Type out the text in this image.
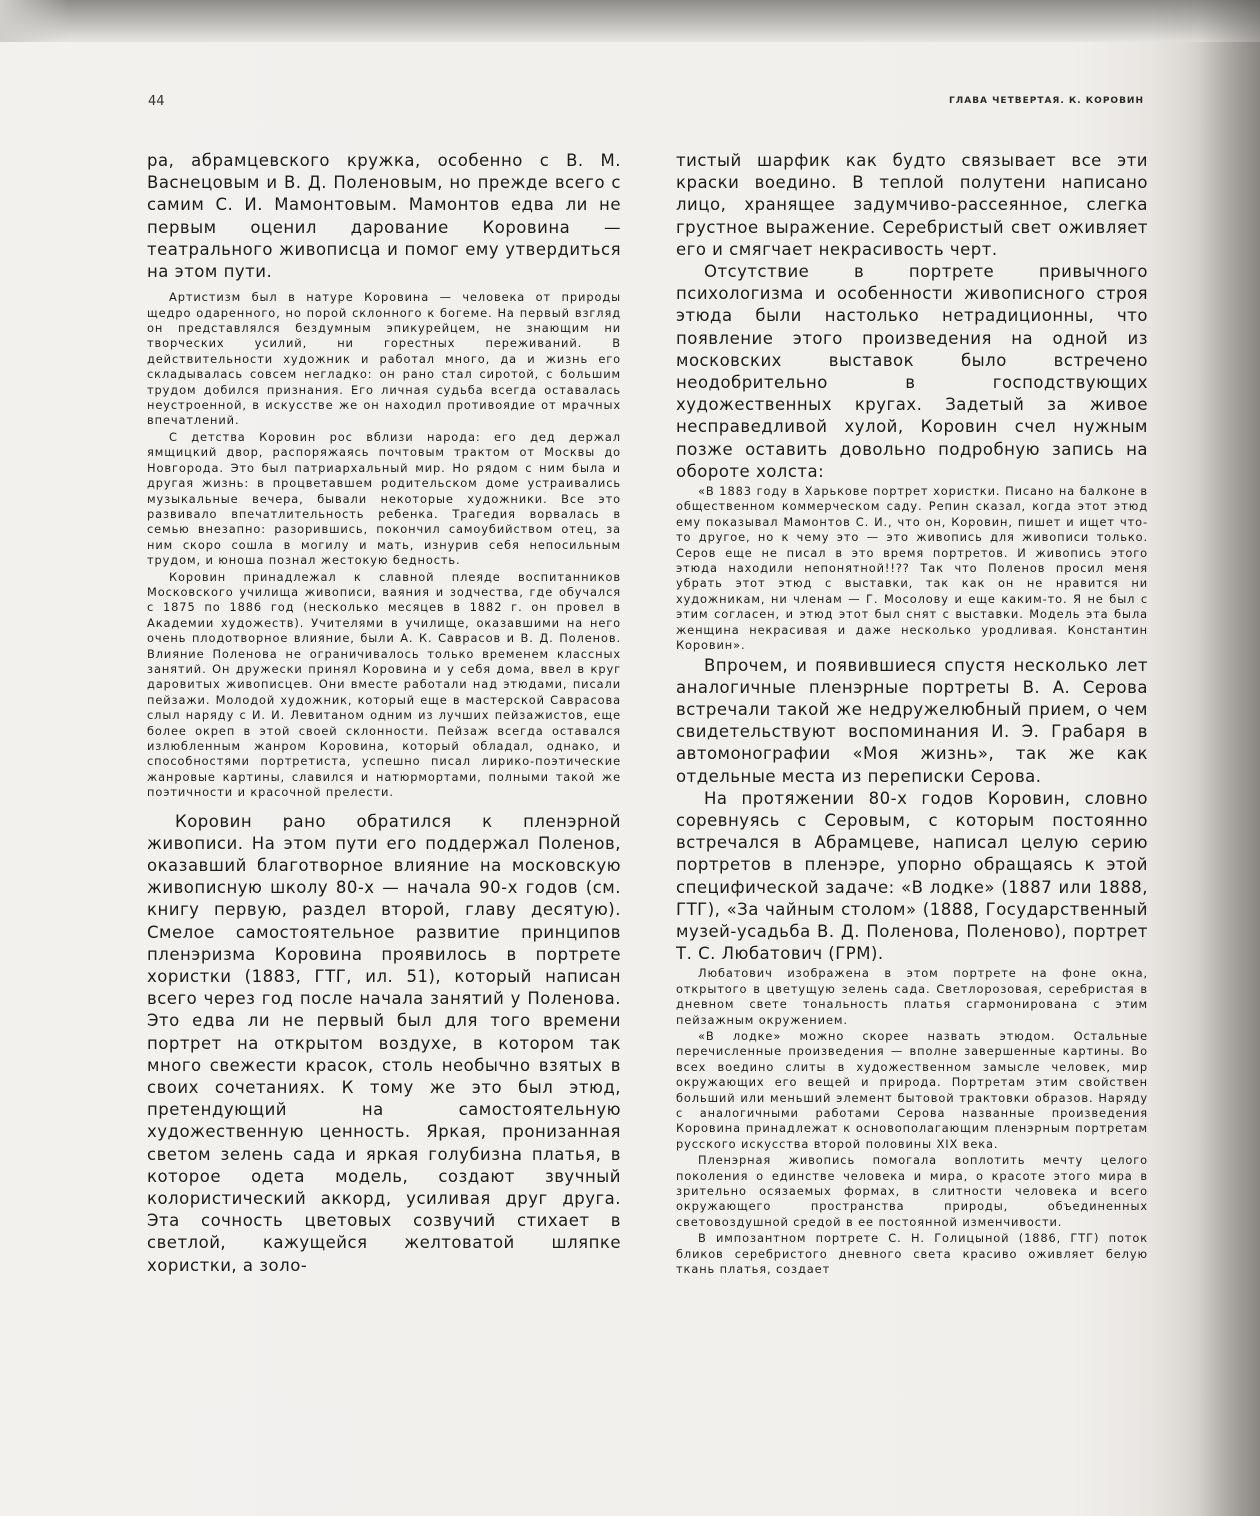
44	ГЛАВА ЧЕТВЕРТАЯ. К. КОРОВИН

ра, абрамцевского кружка, особенно с В. М. Васнецовым и В. Д. Поленовым, но прежде всего с самим С. И. Мамонтовым. Мамонтов едва ли не первым оценил дарование Коровина — театрального живописца и помог ему утвердиться на этом пути.

Артистизм был в натуре Коровина — человека от природы щедро одаренного, но порой склонного к богеме. На первый взгляд он представлялся бездумным эпикурейцем, не знающим ни творческих усилий, ни горестных переживаний. В действительности художник и работал много, да и жизнь его складывалась совсем негладко: он рано стал сиротой, с большим трудом добился признания. Его личная судьба всегда оставалась неустроенной, в искусстве же он находил противоядие от мрачных впечатлений.

С детства Коровин рос вблизи народа: его дед держал ямщицкий двор, распоряжаясь почтовым трактом от Москвы до Новгорода. Это был патриархальный мир. Но рядом с ним была и другая жизнь: в процветавшем родительском доме устраивались музыкальные вечера, бывали некоторые художники. Все это развивало впечатлительность ребенка. Трагедия ворвалась в семью внезапно: разорившись, покончил самоубийством отец, за ним скоро сошла в могилу и мать, изнурив себя непосильным трудом, и юноша познал жестокую бедность.

Коровин принадлежал к славной плеяде воспитанников Московского училища живописи, ваяния и зодчества, где обучался с 1875 по 1886 год (несколько месяцев в 1882 г. он провел в Академии художеств). Учителями в училище, оказавшими на него очень плодотворное влияние, были А. К. Саврасов и В. Д. Поленов. Влияние Поленова не ограничивалось только временем классных занятий. Он дружески принял Коровина и у себя дома, ввел в круг даровитых живописцев. Они вместе работали над этюдами, писали пейзажи. Молодой художник, который еще в мастерской Саврасова слыл наряду с И. И. Левитаном одним из лучших пейзажистов, еще более окреп в этой своей склонности. Пейзаж всегда оставался излюбленным жанром Коровина, который обладал, однако, и способностями портретиста, успешно писал лирико-поэтические жанровые картины, славился и натюрмортами, полными такой же поэтичности и красочной прелести.

Коровин рано обратился к пленэрной живописи. На этом пути его поддержал Поленов, оказавший благотворное влияние на московскую живописную школу 80-х — начала 90-х годов (см. книгу первую, раздел второй, главу десятую). Смелое самостоятельное развитие принципов пленэризма Коровина проявилось в портрете хористки (1883, ГТГ, ил. 51), который написан всего через год после начала занятий у Поленова. Это едва ли не первый был для того времени портрет на открытом воздухе, в котором так много свежести красок, столь необычно взятых в своих сочетаниях. К тому же это был этюд, претендующий на самостоятельную художественную ценность. Яркая, пронизанная светом зелень сада и яркая голубизна платья, в которое одета модель, создают звучный колористический аккорд, усиливая друг друга. Эта сочность цветовых созвучий стихает в светлой, кажущейся желтоватой шляпке хористки, а золо-

тистый шарфик как будто связывает все эти краски воедино. В теплой полутени написано лицо, хранящее задумчиво-рассеянное, слегка грустное выражение. Серебристый свет оживляет его и смягчает некрасивость черт.

Отсутствие в портрете привычного психологизма и особенности живописного строя этюда были настолько нетрадиционны, что появление этого произведения на одной из московских выставок было встречено неодобрительно в господствующих художественных кругах. Задетый за живое несправедливой хулой, Коровин счел нужным позже оставить довольно подробную запись на обороте холста:

«В 1883 году в Харькове портрет хористки. Писано на балконе в общественном коммерческом саду. Репин сказал, когда этот этюд ему показывал Мамонтов С. И., что он, Коровин, пишет и ищет что-то другое, но к чему это — это живопись для живописи только. Серов еще не писал в это время портретов. И живопись этого этюда находили непонятной!!?? Так что Поленов просил меня убрать этот этюд с выставки, так как он не нравится ни художникам, ни членам — Г. Мосолову и еще каким-то. Я не был с этим согласен, и этюд этот был снят с выставки. Модель эта была женщина некрасивая и даже несколько уродливая. Константин Коровин».

Впрочем, и появившиеся спустя несколько лет аналогичные пленэрные портреты В. А. Серова встречали такой же недружелюбный прием, о чем свидетельствуют воспоминания И. Э. Грабаря в автомонографии «Моя жизнь», так же как отдельные места из переписки Серова.

На протяжении 80-х годов Коровин, словно соревнуясь с Серовым, с которым постоянно встречался в Абрамцеве, написал целую серию портретов в пленэре, упорно обращаясь к этой специфической задаче: «В лодке» (1887 или 1888, ГТГ), «За чайным столом» (1888, Государственный музей-усадьба В. Д. Поленова, Поленово), портрет Т. С. Любатович (ГРМ).

Любатович изображена в этом портрете на фоне окна, открытого в цветущую зелень сада. Светлорозовая, серебристая в дневном свете тональность платья сгармонирована с этим пейзажным окружением.

«В лодке» можно скорее назвать этюдом. Остальные перечисленные произведения — вполне завершенные картины. Во всех воедино слиты в художественном замысле человек, мир окружающих его вещей и природа. Портретам этим свойствен больший или меньший элемент бытовой трактовки образов. Наряду с аналогичными работами Серова названные произведения Коровина принадлежат к основополагающим пленэрным портретам русского искусства второй половины XIX века.

Пленэрная живопись помогала воплотить мечту целого поколения о единстве человека и мира, о красоте этого мира в зрительно осязаемых формах, в слитности человека и всего окружающего пространства природы, объединенных световоздушной средой в ее постоянной изменчивости.

В импозантном портрете С. Н. Голицыной (1886, ГТГ) поток бликов серебристого дневного света красиво оживляет белую ткань платья, создает
